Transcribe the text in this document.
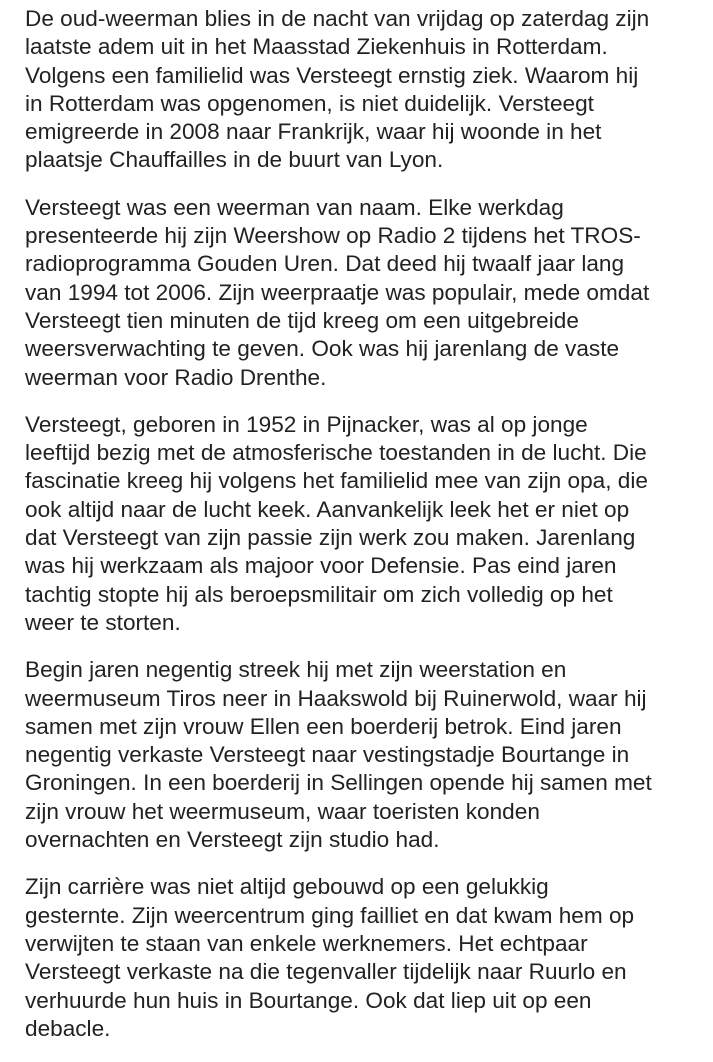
De oud-weerman blies in de nacht van vrijdag op zaterdag zijn
laatste adem uit in het Maasstad Ziekenhuis in Rotterdam.
Volgens een familielid was Versteegt ernstig ziek. Waarom hij
in Rotterdam was opgenomen, is niet duidelijk. Versteegt
emigreerde in 2008 naar Frankrijk, waar hij woonde in het
plaatsje Chauffailles in de buurt van Lyon.
Versteegt was een weerman van naam. Elke werkdag
presenteerde hij zijn Weershow op Radio 2 tijdens het TROS-
radioprogramma Gouden Uren. Dat deed hij twaalf jaar lang
van 1994 tot 2006. Zijn weerpraatje was populair, mede omdat
Versteegt tien minuten de tijd kreeg om een uitgebreide
weersverwachting te geven. Ook was hij jarenlang de vaste
weerman voor Radio Drenthe.
Versteegt, geboren in 1952 in Pijnacker, was al op jonge
leeftijd bezig met de atmosferische toestanden in de lucht. Die
fascinatie kreeg hij volgens het familielid mee van zijn opa, die
ook altijd naar de lucht keek. Aanvankelijk leek het er niet op
dat Versteegt van zijn passie zijn werk zou maken. Jarenlang
was hij werkzaam als majoor voor Defensie. Pas eind jaren
tachtig stopte hij als beroepsmilitair om zich volledig op het
weer te storten.
Begin jaren negentig streek hij met zijn weerstation en
weermuseum Tiros neer in Haakswold bij Ruinerwold, waar hij
samen met zijn vrouw Ellen een boerderij betrok. Eind jaren
negentig verkaste Versteegt naar vestingstadje Bourtange in
Groningen. In een boerderij in Sellingen opende hij samen met
zijn vrouw het weermuseum, waar toeristen konden
overnachten en Versteegt zijn studio had.
Zijn carrière was niet altijd gebouwd op een gelukkig
gesternte. Zijn weercentrum ging failliet en dat kwam hem op
verwijten te staan van enkele werknemers. Het echtpaar
Versteegt verkaste na die tegenvaller tijdelijk naar Ruurlo en
verhuurde hun huis in Bourtange. Ook dat liep uit op een
debacle.
